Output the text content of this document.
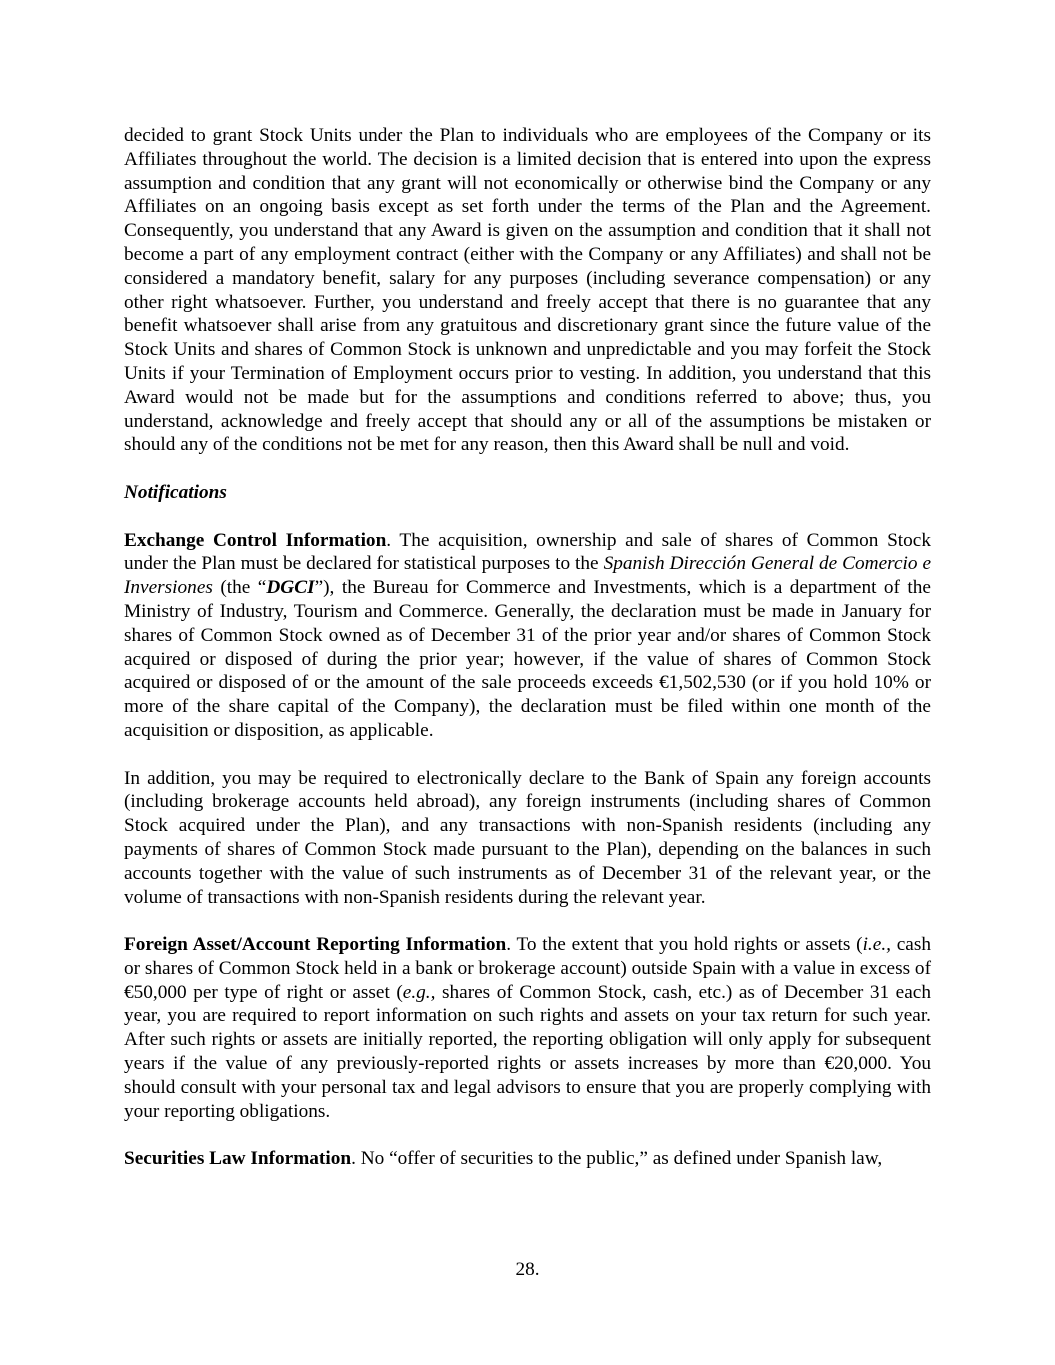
decided to grant Stock Units under the Plan to individuals who are employees of the Company or its Affiliates throughout the world. The decision is a limited decision that is entered into upon the express assumption and condition that any grant will not economically or otherwise bind the Company or any Affiliates on an ongoing basis except as set forth under the terms of the Plan and the Agreement. Consequently, you understand that any Award is given on the assumption and condition that it shall not become a part of any employment contract (either with the Company or any Affiliates) and shall not be considered a mandatory benefit, salary for any purposes (including severance compensation) or any other right whatsoever. Further, you understand and freely accept that there is no guarantee that any benefit whatsoever shall arise from any gratuitous and discretionary grant since the future value of the Stock Units and shares of Common Stock is unknown and unpredictable and you may forfeit the Stock Units if your Termination of Employment occurs prior to vesting. In addition, you understand that this Award would not be made but for the assumptions and conditions referred to above; thus, you understand, acknowledge and freely accept that should any or all of the assumptions be mistaken or should any of the conditions not be met for any reason, then this Award shall be null and void.

Notifications

Exchange Control Information. The acquisition, ownership and sale of shares of Common Stock under the Plan must be declared for statistical purposes to the Spanish Dirección General de Comercio e Inversiones (the “DGCI”), the Bureau for Commerce and Investments, which is a department of the Ministry of Industry, Tourism and Commerce. Generally, the declaration must be made in January for shares of Common Stock owned as of December 31 of the prior year and/or shares of Common Stock acquired or disposed of during the prior year; however, if the value of shares of Common Stock acquired or disposed of or the amount of the sale proceeds exceeds €1,502,530 (or if you hold 10% or more of the share capital of the Company), the declaration must be filed within one month of the acquisition or disposition, as applicable.

In addition, you may be required to electronically declare to the Bank of Spain any foreign accounts (including brokerage accounts held abroad), any foreign instruments (including shares of Common Stock acquired under the Plan), and any transactions with non-Spanish residents (including any payments of shares of Common Stock made pursuant to the Plan), depending on the balances in such accounts together with the value of such instruments as of December 31 of the relevant year, or the volume of transactions with non-Spanish residents during the relevant year.

Foreign Asset/Account Reporting Information. To the extent that you hold rights or assets (i.e., cash or shares of Common Stock held in a bank or brokerage account) outside Spain with a value in excess of €50,000 per type of right or asset (e.g., shares of Common Stock, cash, etc.) as of December 31 each year, you are required to report information on such rights and assets on your tax return for such year. After such rights or assets are initially reported, the reporting obligation will only apply for subsequent years if the value of any previously-reported rights or assets increases by more than €20,000. You should consult with your personal tax and legal advisors to ensure that you are properly complying with your reporting obligations.

Securities Law Information. No “offer of securities to the public,” as defined under Spanish law,

28.
